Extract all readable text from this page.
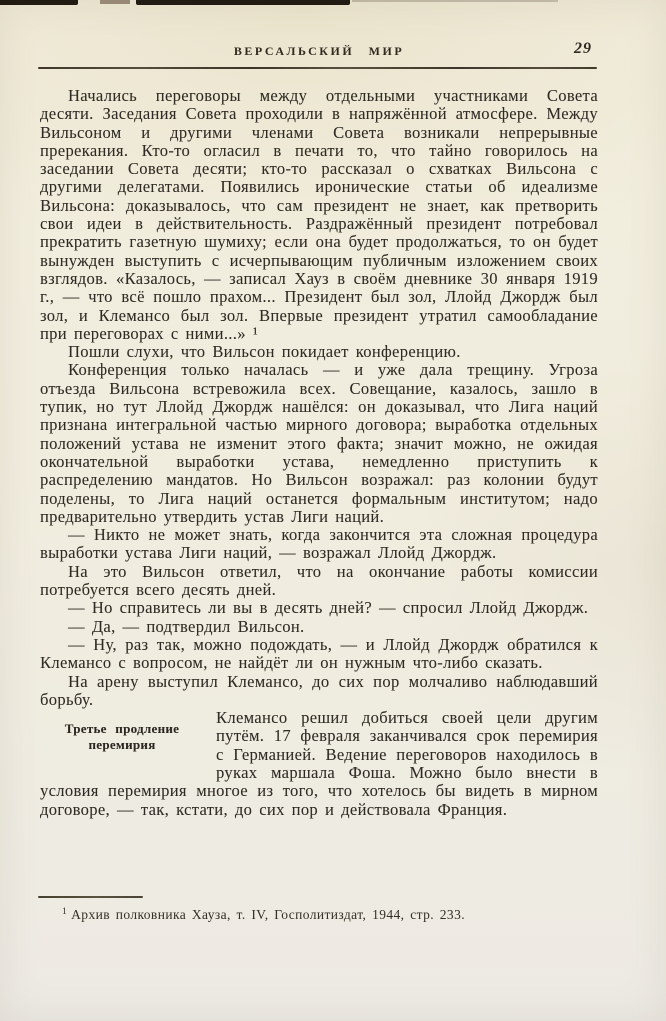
ВЕРСАЛЬСКИЙ МИР	29

Начались переговоры между отдельными участниками Совета десяти. Заседания Совета проходили в напряжённой атмосфере. Между Вильсоном и другими членами Совета возникали непрерывные пререкания. Кто-то огласил в печати то, что тайно говорилось на заседании Совета десяти; кто-то рассказал о схватках Вильсона с другими делегатами. Появились иронические статьи об идеализме Вильсона: доказывалось, что сам президент не знает, как претворить свои идеи в действительность. Раздражённый президент потребовал прекратить газетную шумиху; если она будет продолжаться, то он будет вынужден выступить с исчерпывающим публичным изложением своих взглядов. «Казалось, — записал Хауз в своём дневнике 30 января 1919 г., — что всё пошло прахом... Президент был зол, Ллойд Джордж был зол, и Клемансо был зол. Впервые президент утратил самообладание при переговорах с ними...» ¹

Пошли слухи, что Вильсон покидает конференцию.

Конференция только началась — и уже дала трещину. Угроза отъезда Вильсона встревожила всех. Совещание, казалось, зашло в тупик, но тут Ллойд Джордж нашёлся: он доказывал, что Лига наций признана интегральной частью мирного договора; выработка отдельных положений устава не изменит этого факта; значит можно, не ожидая окончательной выработки устава, немедленно приступить к распределению мандатов. Но Вильсон возражал: раз колонии будут поделены, то Лига наций останется формальным институтом; надо предварительно утвердить устав Лиги наций.

— Никто не может знать, когда закончится эта сложная процедура выработки устава Лиги наций, — возражал Ллойд Джордж.

На это Вильсон ответил, что на окончание работы комиссии потребуется всего десять дней.

— Но справитесь ли вы в десять дней? — спросил Ллойд Джордж.

— Да, — подтвердил Вильсон.

— Ну, раз так, можно подождать, — и Ллойд Джордж обратился к Клемансо с вопросом, не найдёт ли он нужным что-либо сказать.

На арену выступил Клемансо, до сих пор молчаливо наблюдавший борьбу.

Третье продление перемирия
Клемансо решил добиться своей цели другим путём. 17 февраля заканчивался срок перемирия с Германией. Ведение переговоров находилось в руках маршала Фоша. Можно было внести в условия перемирия многое из того, что хотелось бы видеть в мирном договоре, — так, кстати, до сих пор и действовала Франция.

$^1$ Архив полковника Хауза, т. IV, Госполитиздат, 1944, стр. 233.
